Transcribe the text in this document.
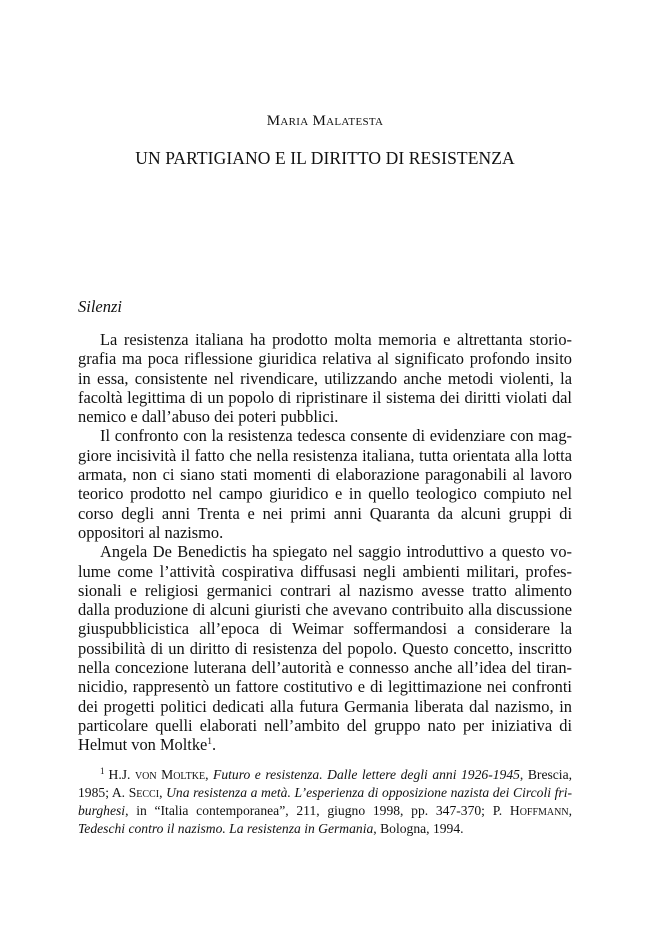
Maria Malatesta
UN PARTIGIANO E IL DIRITTO DI RESISTENZA
Silenzi

La resistenza italiana ha prodotto molta memoria e altrettanta storiografia ma poca riflessione giuridica relativa al significato profondo insito in essa, consistente nel rivendicare, utilizzando anche metodi violenti, la facoltà legittima di un popolo di ripristinare il sistema dei diritti violati dal nemico e dall’abuso dei poteri pubblici.

Il confronto con la resistenza tedesca consente di evidenziare con maggiore incisività il fatto che nella resistenza italiana, tutta orientata alla lotta armata, non ci siano stati momenti di elaborazione paragonabili al lavoro teorico prodotto nel campo giuridico e in quello teologico compiuto nel corso degli anni Trenta e nei primi anni Quaranta da alcuni gruppi di oppositori al nazismo.

Angela De Benedictis ha spiegato nel saggio introduttivo a questo volume come l’attività cospirativa diffusasi negli ambienti militari, professionali e religiosi germanici contrari al nazismo avesse tratto alimento dalla produzione di alcuni giuristi che avevano contribuito alla discussione giuspubblicistica all’epoca di Weimar soffermandosi a considerare la possibilità di un diritto di resistenza del popolo. Questo concetto, inscritto nella concezione luterana dell’autorità e connesso anche all’idea del tirannicidio, rappresentò un fattore costitutivo e di legittimazione nei confronti dei progetti politici dedicati alla futura Germania liberata dal nazismo, in particolare quelli elaborati nell’ambito del gruppo nato per iniziativa di Helmut von Moltke$^1$.

$^1$ H.J. von Moltke, Futuro e resistenza. Dalle lettere degli anni 1926-1945, Brescia, 1985; A. Secci, Una resistenza a metà. L’esperienza di opposizione nazista dei Circoli friburghesi, in “Italia contemporanea”, 211, giugno 1998, pp. 347-370; P. Hoffmann, Tedeschi contro il nazismo. La resistenza in Germania, Bologna, 1994.
